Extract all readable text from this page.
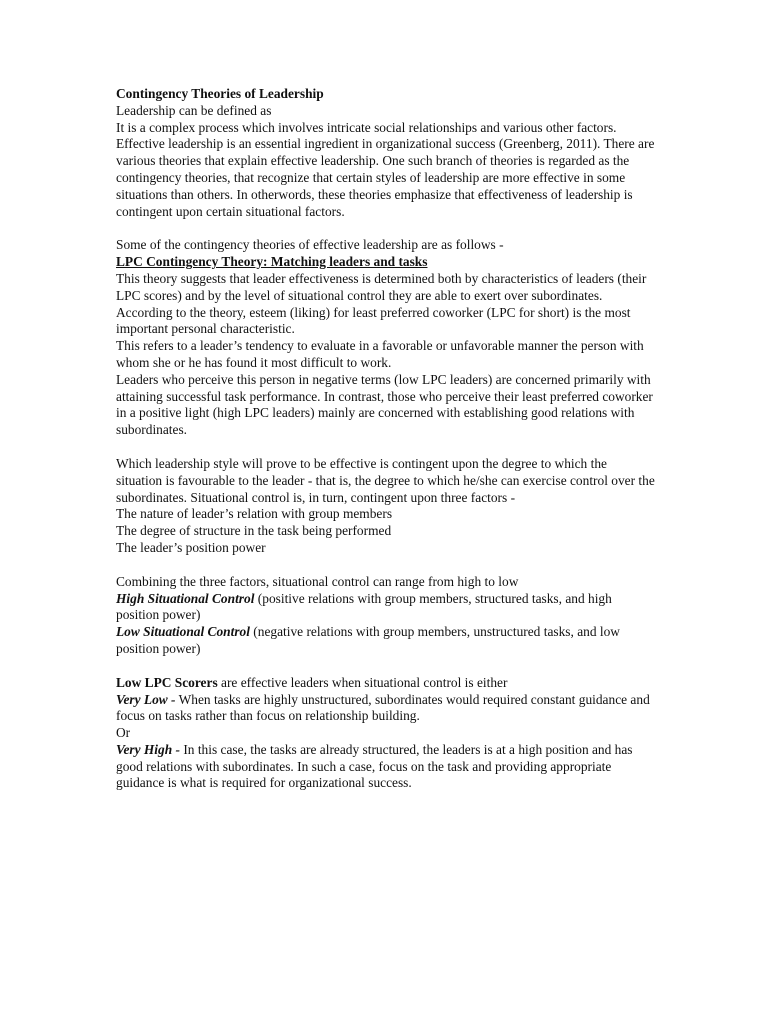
Contingency Theories of Leadership

Leadership can be defined as
It is a complex process which involves intricate social relationships and various other factors. Effective leadership is an essential ingredient in organizational success (Greenberg, 2011). There are various theories that explain effective leadership. One such branch of theories is regarded as the contingency theories, that recognize that certain styles of leadership are more effective in some situations than others. In otherwords, these theories emphasize that effectiveness of leadership is contingent upon certain situational factors.

Some of the contingency theories of effective leadership are as follows -

LPC Contingency Theory: Matching leaders and tasks

This theory suggests that leader effectiveness is determined both by characteristics of leaders (their LPC scores) and by the level of situational control they are able to exert over subordinates.

According to the theory, esteem (liking) for least preferred coworker (LPC for short) is the most important personal characteristic.
This refers to a leader’s tendency to evaluate in a favorable or unfavorable manner the person with whom she or he has found it most difficult to work.
Leaders who perceive this person in negative terms (low LPC leaders) are concerned primarily with attaining successful task performance. In contrast, those who perceive their least preferred coworker in a positive light (high LPC leaders) mainly are concerned with establishing good relations with subordinates.
Which leadership style will prove to be effective is contingent upon the degree to which the situation is favourable to the leader - that is, the degree to which he/she can exercise control over the subordinates. Situational control is, in turn, contingent upon three factors -
The nature of leader’s relation with group members
The degree of structure in the task being performed
The leader’s position power
Combining the three factors, situational control can range from high to low
High Situational Control (positive relations with group members, structured tasks, and high position power)
Low Situational Control (negative relations with group members, unstructured tasks, and low position power)
Low LPC Scorers are effective leaders when situational control is either
Very Low - When tasks are highly unstructured, subordinates would required constant guidance and focus on tasks rather than focus on relationship building.
Or
Very High - In this case, the tasks are already structured, the leaders is at a high position and has good relations with subordinates. In such a case, focus on the task and providing appropriate guidance is what is required for organizational success.
